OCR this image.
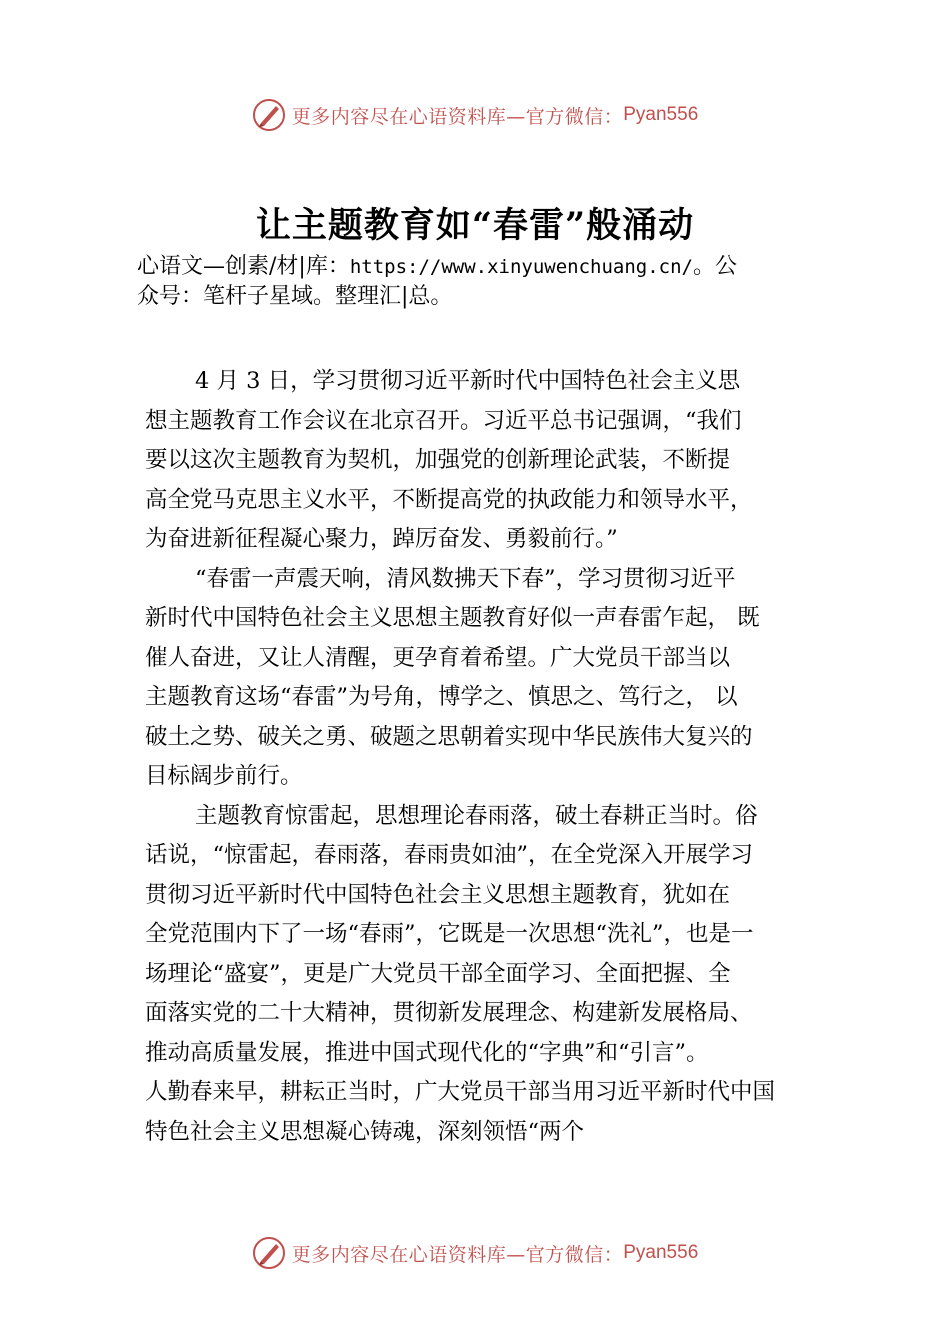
更多内容尽在心语资料库—官方微信： Pyan556
让主题教育如“春雷”般涌动
心语文—创素/材|库：https://www.xinyuwenchuang.cn/。公
众号：笔杆子星域。整理汇|总。

4 月 3 日，学习贯彻习近平新时代中国特色社会主义思
想主题教育工作会议在北京召开。习近平总书记强调，“我们
要以这次主题教育为契机，加强党的创新理论武装，不断提
高全党马克思主义水平，不断提高党的执政能力和领导水平，
为奋进新征程凝心聚力，踔厉奋发、勇毅前行。”

“春雷一声震天响，清风数拂天下春”，学习贯彻习近平
新时代中国特色社会主义思想主题教育好似一声春雷乍起， 既
催人奋进，又让人清醒，更孕育着希望。广大党员干部当以
主题教育这场“春雷”为号角，博学之、慎思之、笃行之， 以
破土之势、破关之勇、破题之思朝着实现中华民族伟大复兴的
目标阔步前行。

主题教育惊雷起，思想理论春雨落，破土春耕正当时。俗
话说，“惊雷起，春雨落，春雨贵如油”，在全党深入开展学习
贯彻习近平新时代中国特色社会主义思想主题教育，犹如在
全党范围内下了一场“春雨”，它既是一次思想“洗礼”，也是一
场理论“盛宴”，更是广大党员干部全面学习、全面把握、全
面落实党的二十大精神，贯彻新发展理念、构建新发展格局、
推动高质量发展，推进中国式现代化的“字典”和“引言”。
人勤春来早，耕耘正当时，广大党员干部当用习近平新时代中国
特色社会主义思想凝心铸魂，深刻领悟“两个

更多内容尽在心语资料库—官方微信： Pyan556
